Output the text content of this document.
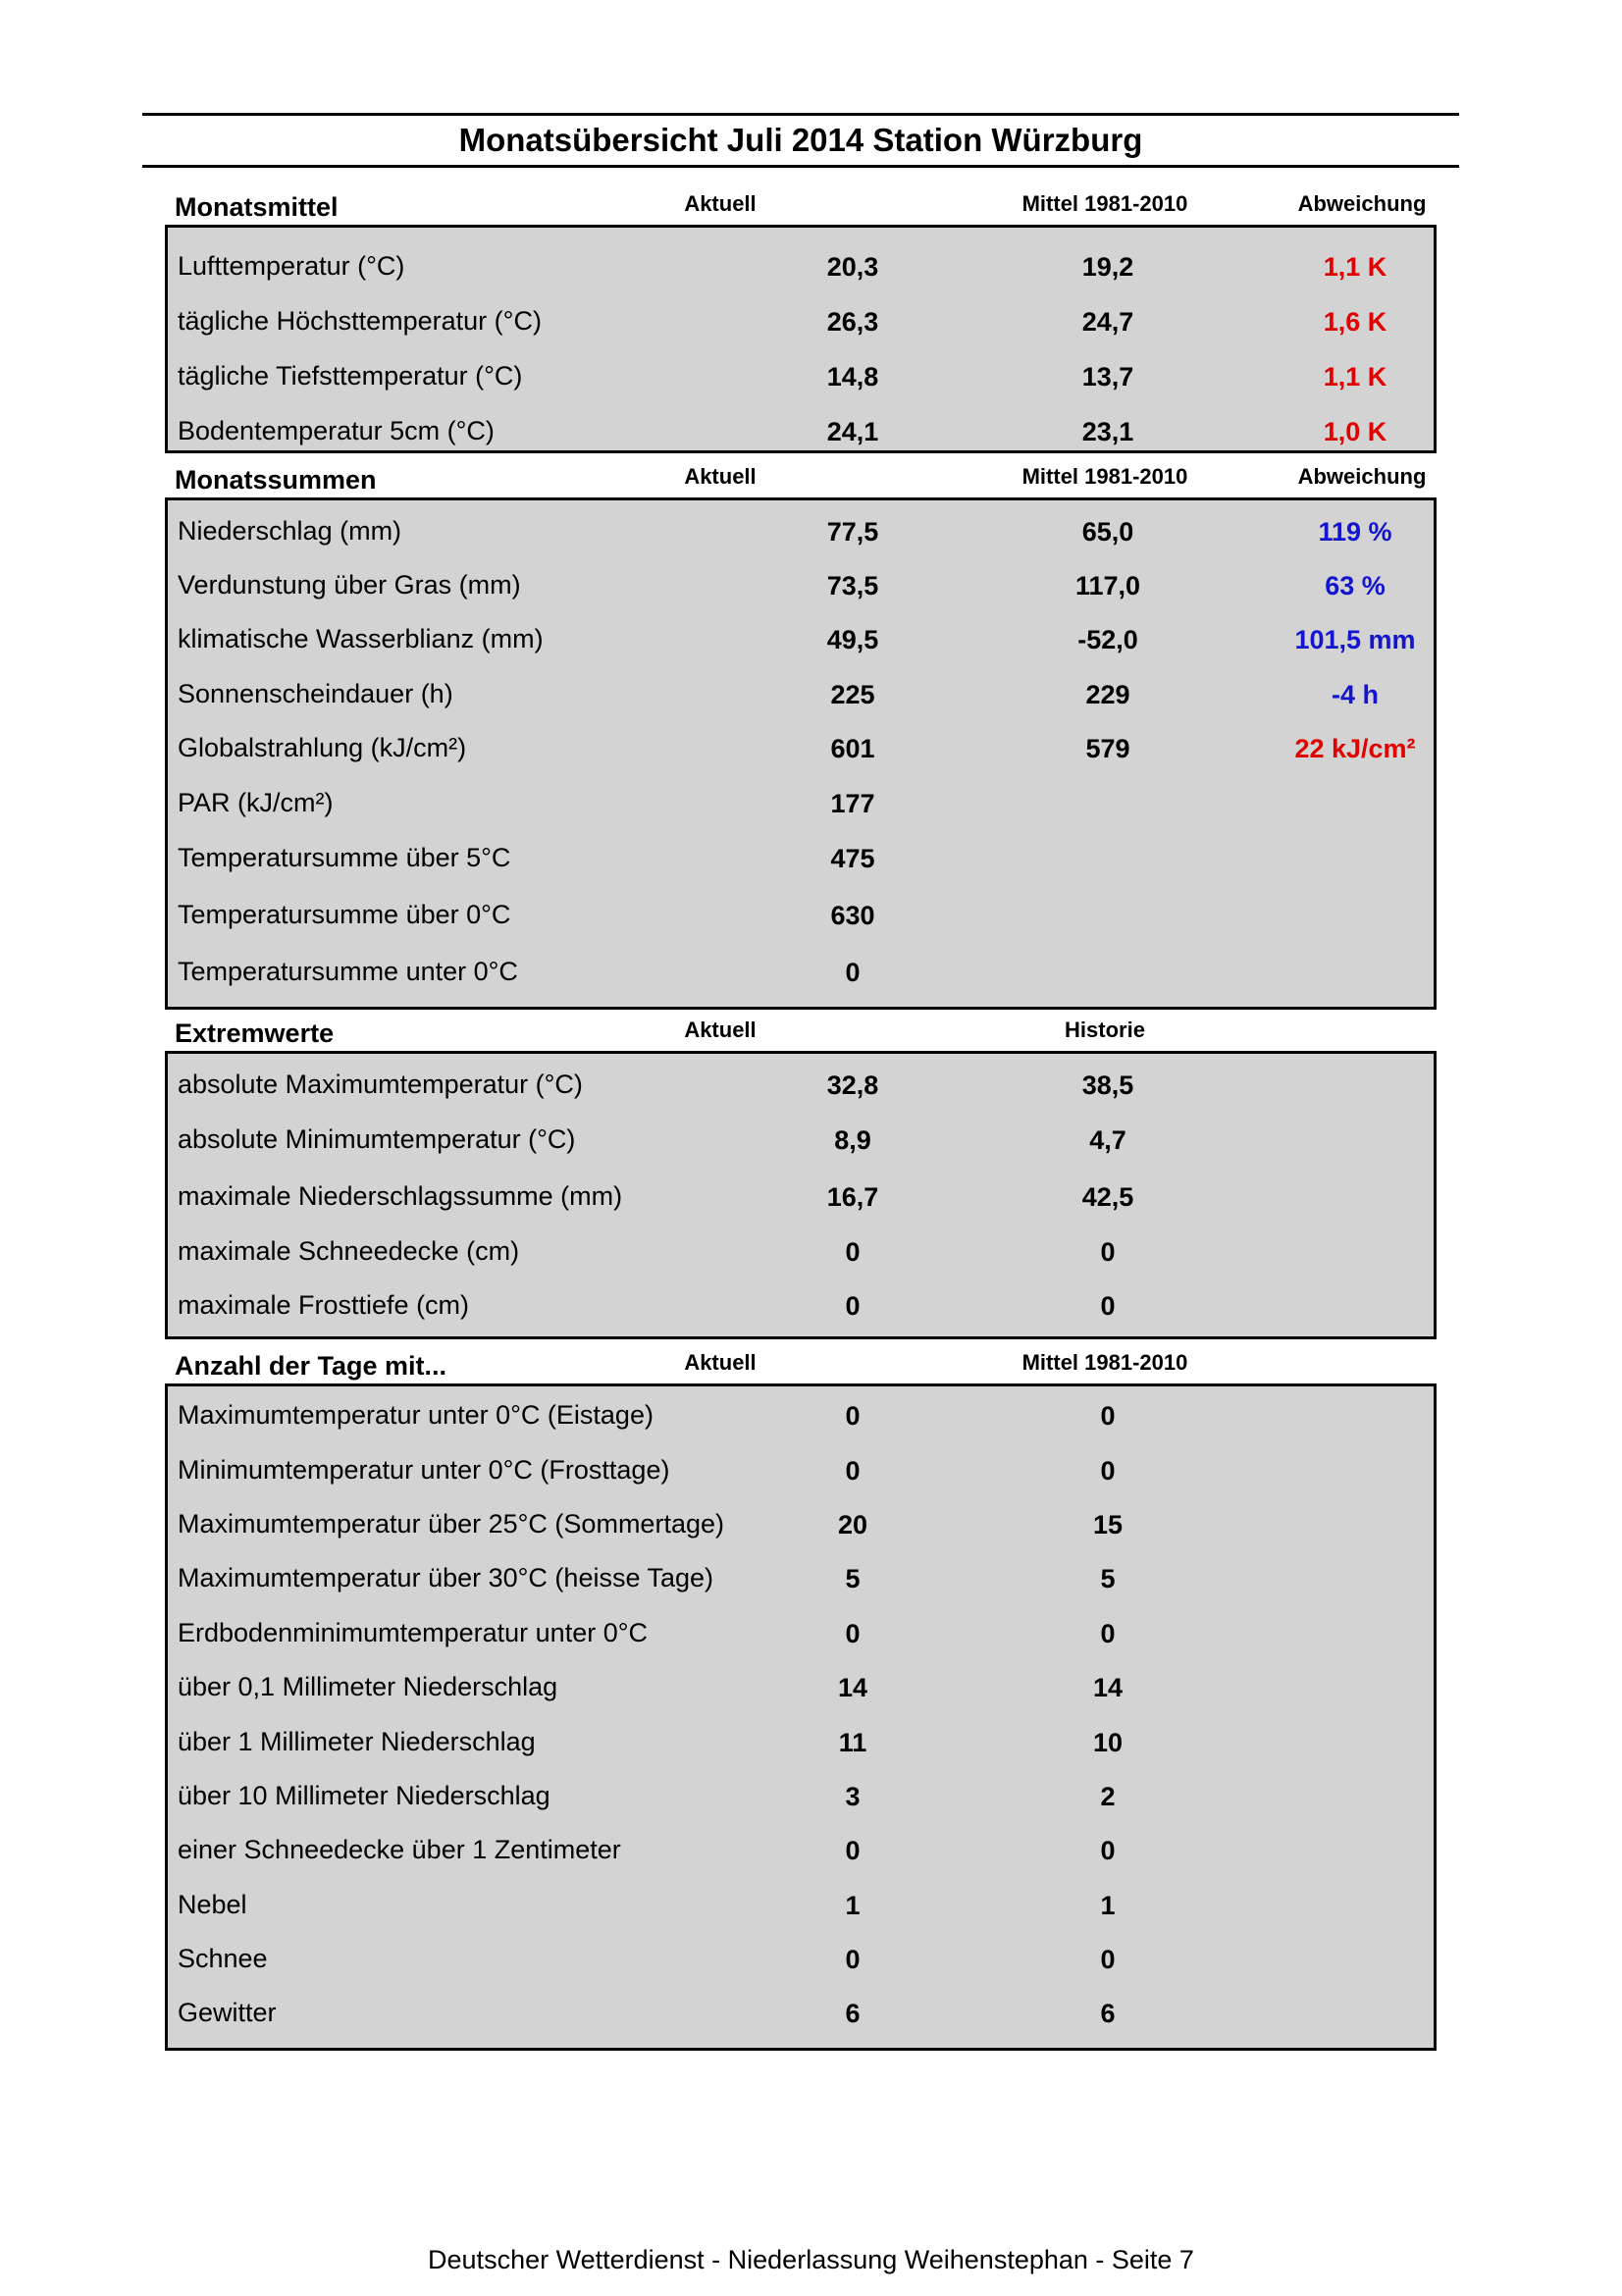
Monatsübersicht Juli 2014 Station Würzburg
Monatsmittel	Aktuell	Mittel 1981-2010	Abweichung
Lufttemperatur (°C)	20,3	19,2	1,1 K
tägliche Höchsttemperatur (°C)	26,3	24,7	1,6 K
tägliche Tiefsttemperatur (°C)	14,8	13,7	1,1 K
Bodentemperatur 5cm (°C)	24,1	23,1	1,0 K
Monatssummen	Aktuell	Mittel 1981-2010	Abweichung
Niederschlag (mm)	77,5	65,0	119 %
Verdunstung über Gras (mm)	73,5	117,0	63 %
klimatische Wasserblianz (mm)	49,5	-52,0	101,5 mm
Sonnenscheindauer (h)	225	229	-4 h
Globalstrahlung (kJ/cm²)	601	579	22 kJ/cm²
PAR (kJ/cm²)	177
Temperatursumme über 5°C	475
Temperatursumme über 0°C	630
Temperatursumme unter 0°C	0
Extremwerte	Aktuell	Historie
absolute Maximumtemperatur (°C)	32,8	38,5
absolute Minimumtemperatur (°C)	8,9	4,7
maximale Niederschlagssumme (mm)	16,7	42,5
maximale Schneedecke (cm)	0	0
maximale Frosttiefe (cm)	0	0
Anzahl der Tage mit...	Aktuell	Mittel 1981-2010
Maximumtemperatur unter 0°C (Eistage)	0	0
Minimumtemperatur unter 0°C (Frosttage)	0	0
Maximumtemperatur über 25°C (Sommertage)	20	15
Maximumtemperatur über 30°C (heisse Tage)	5	5
Erdbodenminimumtemperatur unter 0°C	0	0
über 0,1 Millimeter Niederschlag	14	14
über 1 Millimeter Niederschlag	11	10
über 10 Millimeter Niederschlag	3	2
einer Schneedecke über 1 Zentimeter	0	0
Nebel	1	1
Schnee	0	0
Gewitter	6	6
Deutscher Wetterdienst - Niederlassung Weihenstephan - Seite 7
